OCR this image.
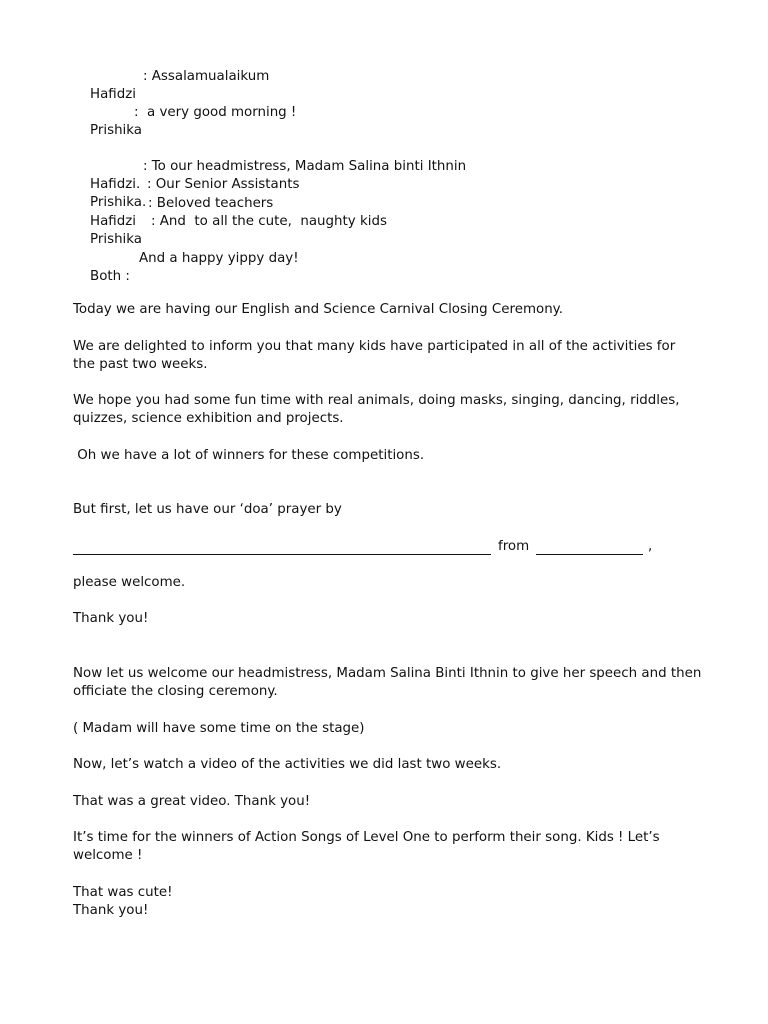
Hafidzi

: Assalamualaikum

Prishika

:  a very good morning !

Hafidzi.

: To our headmistress, Madam Salina binti Ithnin

Prishika.

: Our Senior Assistants

Hafidzi

: Beloved teachers

Prishika

: And  to all the cute,  naughty kids

Both :

And a happy yippy day!

Today we are having our English and Science Carnival Closing Ceremony.
We are delighted to inform you that many kids have participated in all of the activities for
the past two weeks.
We hope you had some fun time with real animals, doing masks, singing, dancing, riddles,
quizzes, science exhibition and projects.
Oh we have a lot of winners for these competitions.
But first, let us have our ‘doa’ prayer by
from	,
please welcome.
Thank you!
Now let us welcome our headmistress, Madam Salina Binti Ithnin to give her speech and then
officiate the closing ceremony.
( Madam will have some time on the stage)
Now, let’s watch a video of the activities we did last two weeks.
That was a great video. Thank you!
It’s time for the winners of Action Songs of Level One to perform their song. Kids ! Let’s
welcome !
That was cute!
Thank you!
